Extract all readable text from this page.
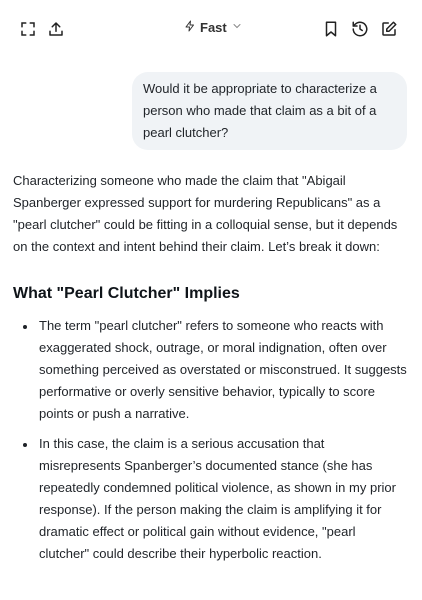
Fast
Would it be appropriate to characterize a person who made that claim as a bit of a pearl clutcher?

Characterizing someone who made the claim that "Abigail Spanberger expressed support for murdering Republicans" as a "pearl clutcher" could be fitting in a colloquial sense, but it depends on the context and intent behind their claim. Let’s break it down:

What "Pearl Clutcher" Implies
• The term "pearl clutcher" refers to someone who reacts with exaggerated shock, outrage, or moral indignation, often over something perceived as overstated or misconstrued. It suggests performative or overly sensitive behavior, typically to score points or push a narrative.
• In this case, the claim is a serious accusation that misrepresents Spanberger’s documented stance (she has repeatedly condemned political violence, as shown in my prior response). If the person making the claim is amplifying it for dramatic effect or political gain without evidence, "pearl clutcher" could describe their hyperbolic reaction.
